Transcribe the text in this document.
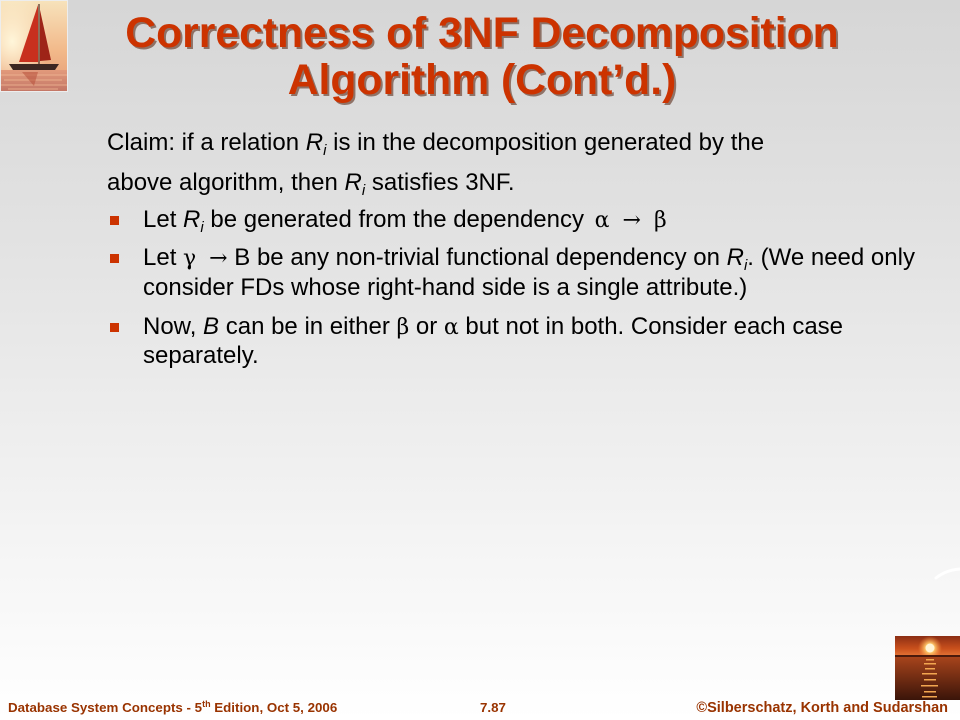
Correctness of 3NF Decomposition
Algorithm (Cont’d.)
Claim: if a relation $R_i$ is in the decomposition generated by the
above algorithm, then $R_i$ satisfies 3NF.
Let $R_i$ be generated from the dependency α → β
Let γ → B be any non-trivial functional dependency on $R_i$. (We need only
consider FDs whose right-hand side is a single attribute.)
Now, B can be in either β or α but not in both. Consider each case
separately.
Database System Concepts - 5th Edition, Oct 5, 2006	7.87	©Silberschatz, Korth and Sudarshan
